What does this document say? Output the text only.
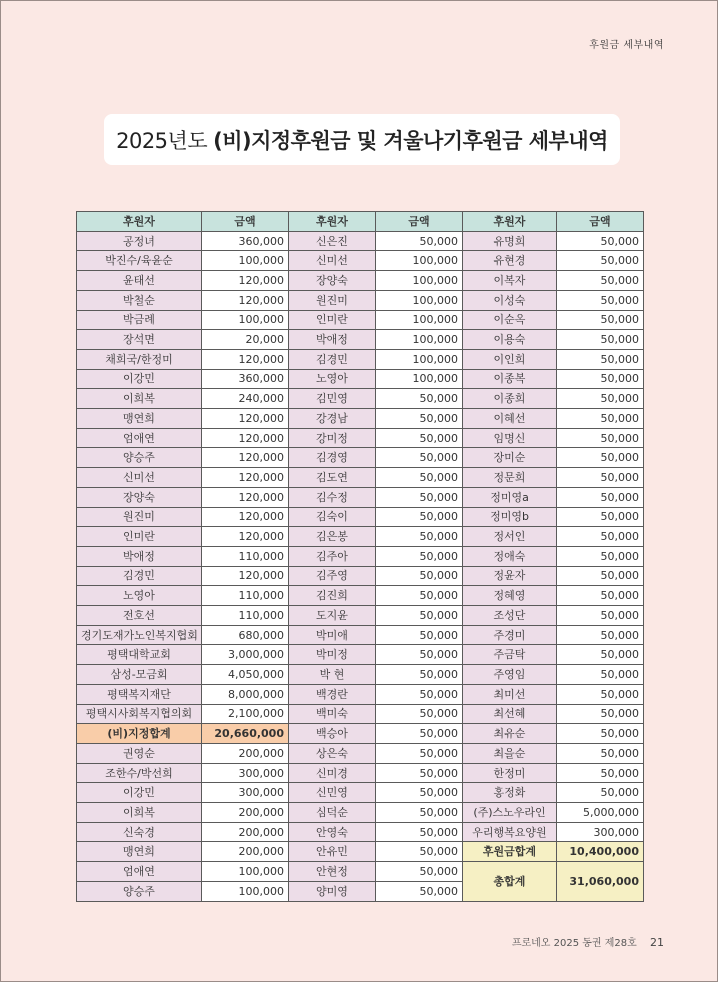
후원금 세부내역
2025년도 (비)지정후원금 및 겨울나기후원금 세부내역
후원자	금액	후원자	금액	후원자	금액
공정녀	360,000	신은진	50,000	유명희	50,000
박진수/육윤순	100,000	신미선	100,000	유현경	50,000
윤태선	120,000	장양숙	100,000	이복자	50,000
박철순	120,000	원진미	100,000	이성숙	50,000
박금례	100,000	인미란	100,000	이순옥	50,000
장석면	20,000	박애정	100,000	이용숙	50,000
채희국/한정미	120,000	김경민	100,000	이인희	50,000
이강민	360,000	노영아	100,000	이종복	50,000
이희복	240,000	김민영	50,000	이종희	50,000
맹연희	120,000	강경남	50,000	이혜선	50,000
엄애연	120,000	강미정	50,000	임명신	50,000
양승주	120,000	김경영	50,000	장미순	50,000
신미선	120,000	김도연	50,000	정문희	50,000
장양숙	120,000	김수정	50,000	정미영a	50,000
원진미	120,000	김숙이	50,000	정미영b	50,000
인미란	120,000	김은봉	50,000	정서인	50,000
박애정	110,000	김주아	50,000	정애숙	50,000
김경민	120,000	김주영	50,000	정윤자	50,000
노영아	110,000	김진희	50,000	정혜영	50,000
전호선	110,000	도지윤	50,000	조성단	50,000
경기도재가노인복지협회	680,000	박미애	50,000	주경미	50,000
평택대학교회	3,000,000	박미정	50,000	주금탁	50,000
삼성-모금회	4,050,000	박 현	50,000	주영임	50,000
평택복지재단	8,000,000	백경란	50,000	최미선	50,000
평택시사회복지협의회	2,100,000	백미숙	50,000	최선혜	50,000
(비)지정합계	20,660,000	백승아	50,000	최유순	50,000
권영순	200,000	상은숙	50,000	최을순	50,000
조한수/박선희	300,000	신미경	50,000	한정미	50,000
이강민	300,000	신민영	50,000	홍정화	50,000
이희복	200,000	심덕순	50,000	(주)스노우라인	5,000,000
신숙경	200,000	안영숙	50,000	우리행복요양원	300,000
맹연희	200,000	안유민	50,000	후원금합계	10,400,000
엄애연	100,000	안현정	50,000	총합계	31,060,000
양승주	100,000	양미영	50,000		
프로네오 2025 동권 제28호 21
